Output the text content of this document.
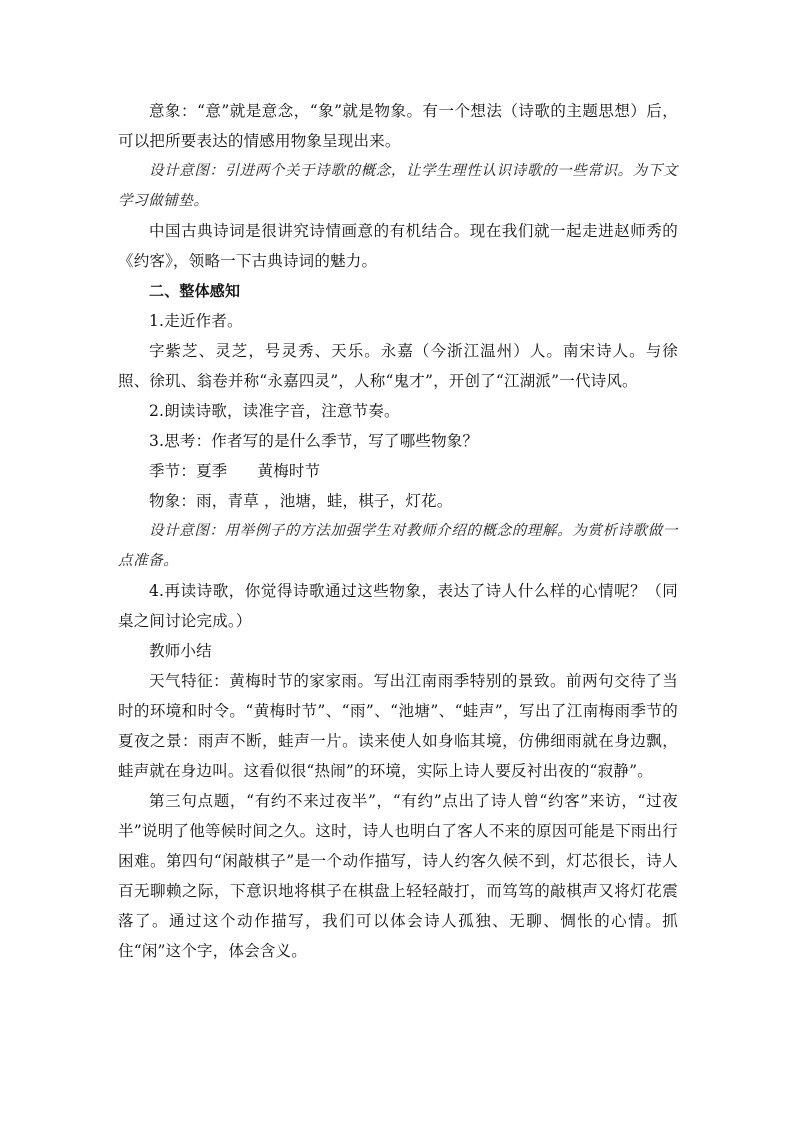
意象：“意”就是意念，“象”就是物象。有一个想法（诗歌的主题思想）后，可以把所要表达的情感用物象呈现出来。

设计意图：引进两个关于诗歌的概念，让学生理性认识诗歌的一些常识。为下文学习做铺垫。

中国古典诗词是很讲究诗情画意的有机结合。现在我们就一起走进赵师秀的《约客》，领略一下古典诗词的魅力。

二、整体感知

1.走近作者。

字紫芝、灵芝，号灵秀、天乐。永嘉（今浙江温州）人。南宋诗人。与徐照、徐玑、翁卷并称“永嘉四灵”，人称“鬼才”，开创了“江湖派”一代诗风。

2.朗读诗歌，读准字音，注意节奏。

3.思考：作者写的是什么季节，写了哪些物象？

季节：夏季 黄梅时节

物象：雨，青草 ，池塘，蛙，棋子，灯花。

设计意图：用举例子的方法加强学生对教师介绍的概念的理解。为赏析诗歌做一点准备。

4.再读诗歌，你觉得诗歌通过这些物象，表达了诗人什么样的心情呢？（同桌之间讨论完成。）

教师小结

天气特征：黄梅时节的家家雨。写出江南雨季特别的景致。前两句交待了当时的环境和时令。“黄梅时节”、“雨”、“池塘”、“蛙声”，写出了江南梅雨季节的夏夜之景：雨声不断，蛙声一片。读来使人如身临其境，仿佛细雨就在身边飘，蛙声就在身边叫。这看似很“热闹”的环境，实际上诗人要反衬出夜的“寂静”。

第三句点题，“有约不来过夜半”，“有约”点出了诗人曾“约客”来访，“过夜半”说明了他等候时间之久。这时，诗人也明白了客人不来的原因可能是下雨出行困难。第四句“闲敲棋子”是一个动作描写，诗人约客久候不到，灯芯很长，诗人百无聊赖之际，下意识地将棋子在棋盘上轻轻敲打，而笃笃的敲棋声又将灯花震落了。通过这个动作描写，我们可以体会诗人孤独、无聊、惆怅的心情。抓住“闲”这个字，体会含义。
